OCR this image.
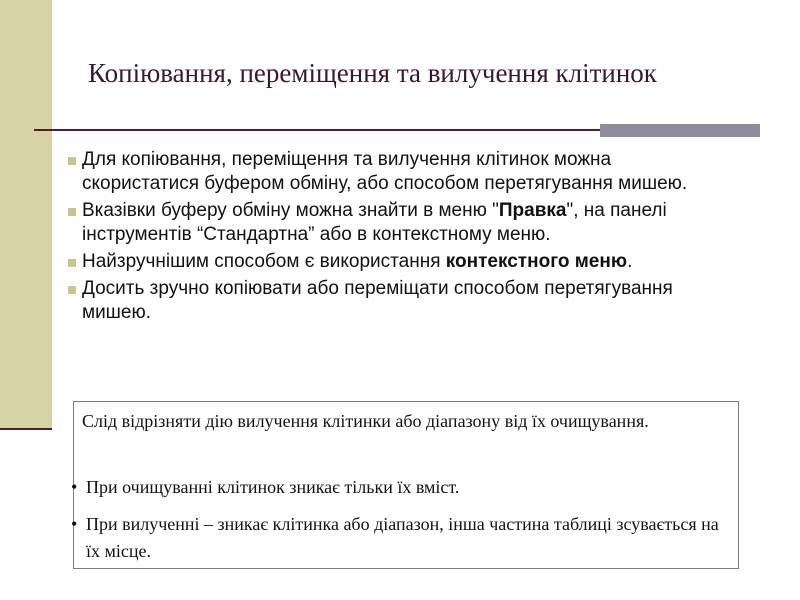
Копіювання, переміщення та вилучення клітинок
Для копіювання, переміщення та вилучення клітинок можна скористатися буфером обміну, або способом перетягування мишею.
Вказівки буферу обміну можна знайти в меню "Правка", на панелі інструментів “Стандартна” або в контекстному меню.
Найзручнішим способом є використання контекстного меню.
Досить зручно копіювати або переміщати способом перетягування мишею.
Слід відрізняти дію вилучення клітинки або діапазону від їх очищування.
• При очищуванні клітинок зникає тільки їх вміст.
• При вилученні – зникає клітинка або діапазон, інша частина таблиці зсувається на їх місце.
